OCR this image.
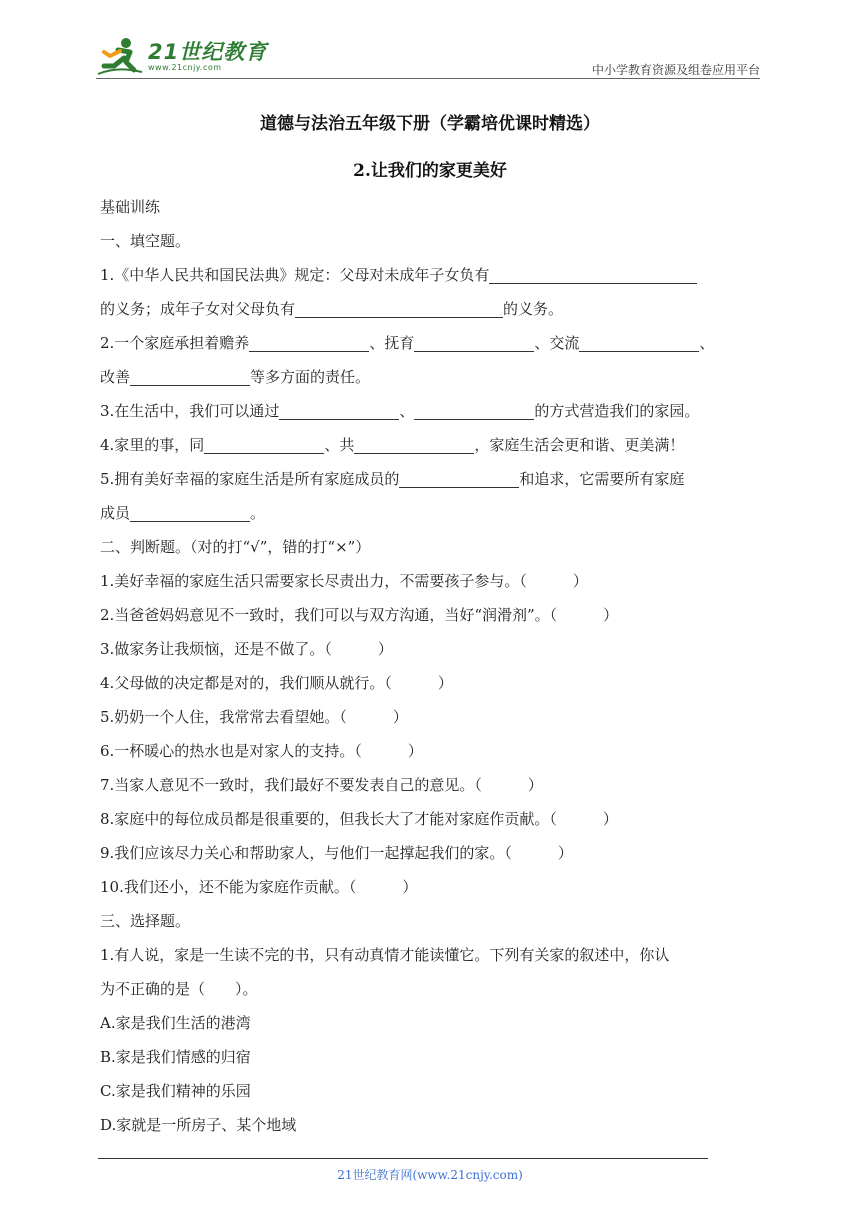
21世纪教育
www.21cnjy.com	中小学教育资源及组卷应用平台
道德与法治五年级下册（学霸培优课时精选）
2.让我们的家更美好
基础训练
一、填空题。
1.《中华人民共和国民法典》规定：父母对未成年子女负有
的义务；成年子女对父母负有	的义务。
2.一个家庭承担着赡养	、抚育	、交流	、
改善	等多方面的责任。
3.在生活中，我们可以通过	、	的方式营造我们的家园。
4.家里的事，同	、共	，家庭生活会更和谐、更美满！
5.拥有美好幸福的家庭生活是所有家庭成员的	和追求，它需要所有家庭
成员	。
二、判断题。（对的打“√”，错的打“×”）
1.美好幸福的家庭生活只需要家长尽责出力，不需要孩子参与。（	）
2.当爸爸妈妈意见不一致时，我们可以与双方沟通，当好“润滑剂”。（	）
3.做家务让我烦恼，还是不做了。（	）
4.父母做的决定都是对的，我们顺从就行。（	）
5.奶奶一个人住，我常常去看望她。（	）
6.一杯暖心的热水也是对家人的支持。（	）
7.当家人意见不一致时，我们最好不要发表自己的意见。（	）
8.家庭中的每位成员都是很重要的，但我长大了才能对家庭作贡献。（	）
9.我们应该尽力关心和帮助家人，与他们一起撑起我们的家。（	）
10.我们还小，还不能为家庭作贡献。（	）
三、选择题。
1.有人说，家是一生读不完的书，只有动真情才能读懂它。下列有关家的叙述中，你认
为不正确的是（　　）。
A.家是我们生活的港湾
B.家是我们情感的归宿
C.家是我们精神的乐园
D.家就是一所房子、某个地域
21世纪教育网(www.21cnjy.com)
